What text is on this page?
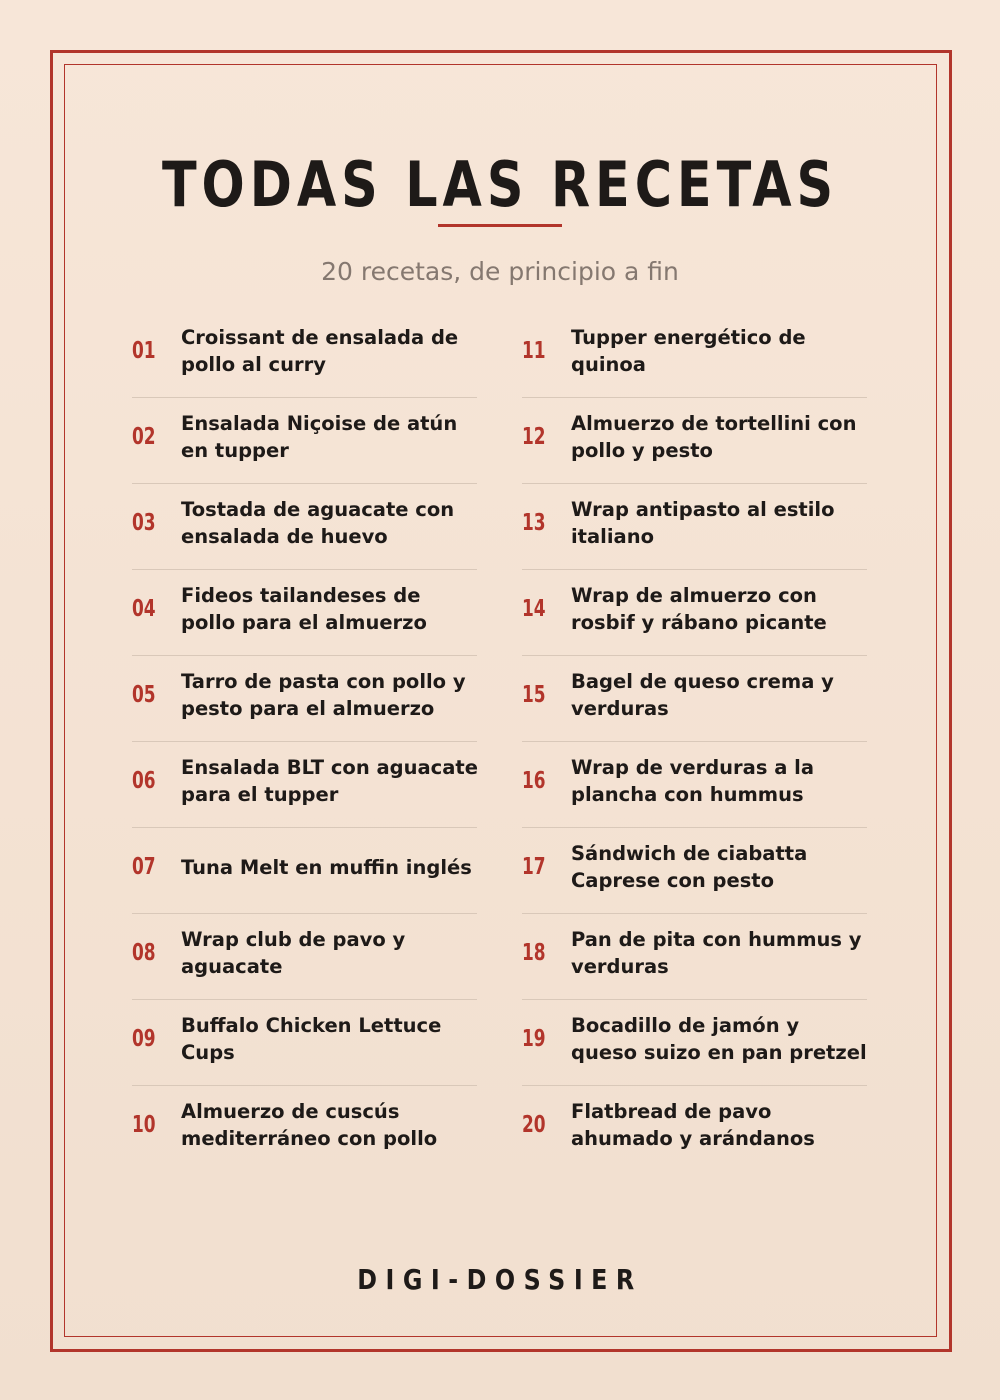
TODAS LAS RECETAS

20 recetas, de principio a fin

01
Croissant de ensalada de pollo al curry
02
Ensalada Niçoise de atún en tupper
03
Tostada de aguacate con ensalada de huevo
04
Fideos tailandeses de pollo para el almuerzo
05
Tarro de pasta con pollo y pesto para el almuerzo
06
Ensalada BLT con aguacate para el tupper
07 Tuna Melt en muffin inglés
08
Wrap club de pavo y aguacate
09
Buffalo Chicken Lettuce Cups
10
Almuerzo de cuscús mediterráneo con pollo
11
Tupper energético de quinoa
12
Almuerzo de tortellini con pollo y pesto
13
Wrap antipasto al estilo italiano
14
Wrap de almuerzo con rosbif y rábano picante
15
Bagel de queso crema y verduras
16
Wrap de verduras a la plancha con hummus
17
Sándwich de ciabatta Caprese con pesto
18
Pan de pita con hummus y verduras
19
Bocadillo de jamón y queso suizo en pan pretzel
20
Flatbread de pavo ahumado y arándanos

DIGI-DOSSIER
